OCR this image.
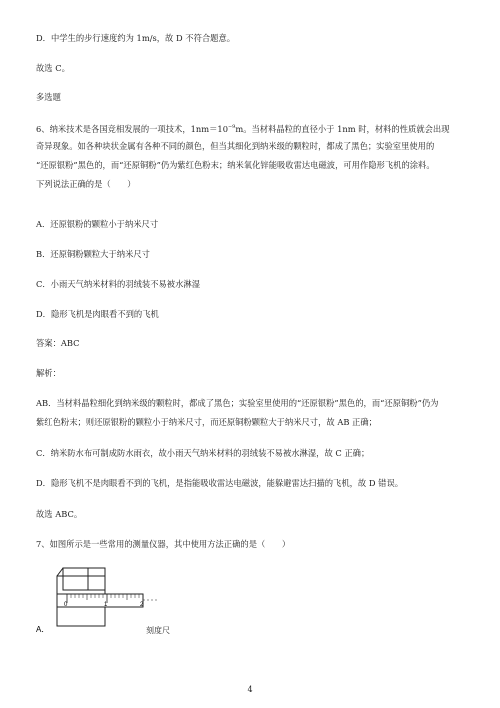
D．中学生的步行速度约为 1m/s，故 D 不符合题意。
故选 C。
多选题
6、纳米技术是各国竞相发展的一项技术，$1nm=10^{-9}m$。当材料晶粒的直径小于 1nm 时，材料的性质就会出现
奇异现象。如各种块状金属有各种不同的颜色，但当其细化到纳米级的颗粒时，都成了黑色；实验室里使用的
“还原银粉”黑色的，而“还原铜粉”仍为紫红色粉末；纳米氧化锌能吸收雷达电磁波，可用作隐形飞机的涂料。
下列说法正确的是（　　）
A．还原银粉的颗粒小于纳米尺寸
B．还原铜粉颗粒大于纳米尺寸
C．小雨天气纳米材料的羽绒装不易被水淋湿
D．隐形飞机是肉眼看不到的飞机
答案：ABC
解析：
AB．当材料晶粒细化到纳米级的颗粒时，都成了黑色；实验室里使用的“还原银粉”黑色的，而“还原铜粉”仍为
紫红色粉末；则还原银粉的颗粒小于纳米尺寸，而还原铜粉颗粒大于纳米尺寸，故 AB 正确；
C．纳米防水布可制成防水雨衣，故小雨天气纳米材料的羽绒装不易被水淋湿，故 C 正确；
D．隐形飞机不是肉眼看不到的飞机，是指能吸收雷达电磁波，能躲避雷达扫描的飞机，故 D 错误。
故选 ABC。
7、如图所示是一些常用的测量仪器，其中使用方法正确的是（　　）
0	1	2
A．	刻度尺
4
